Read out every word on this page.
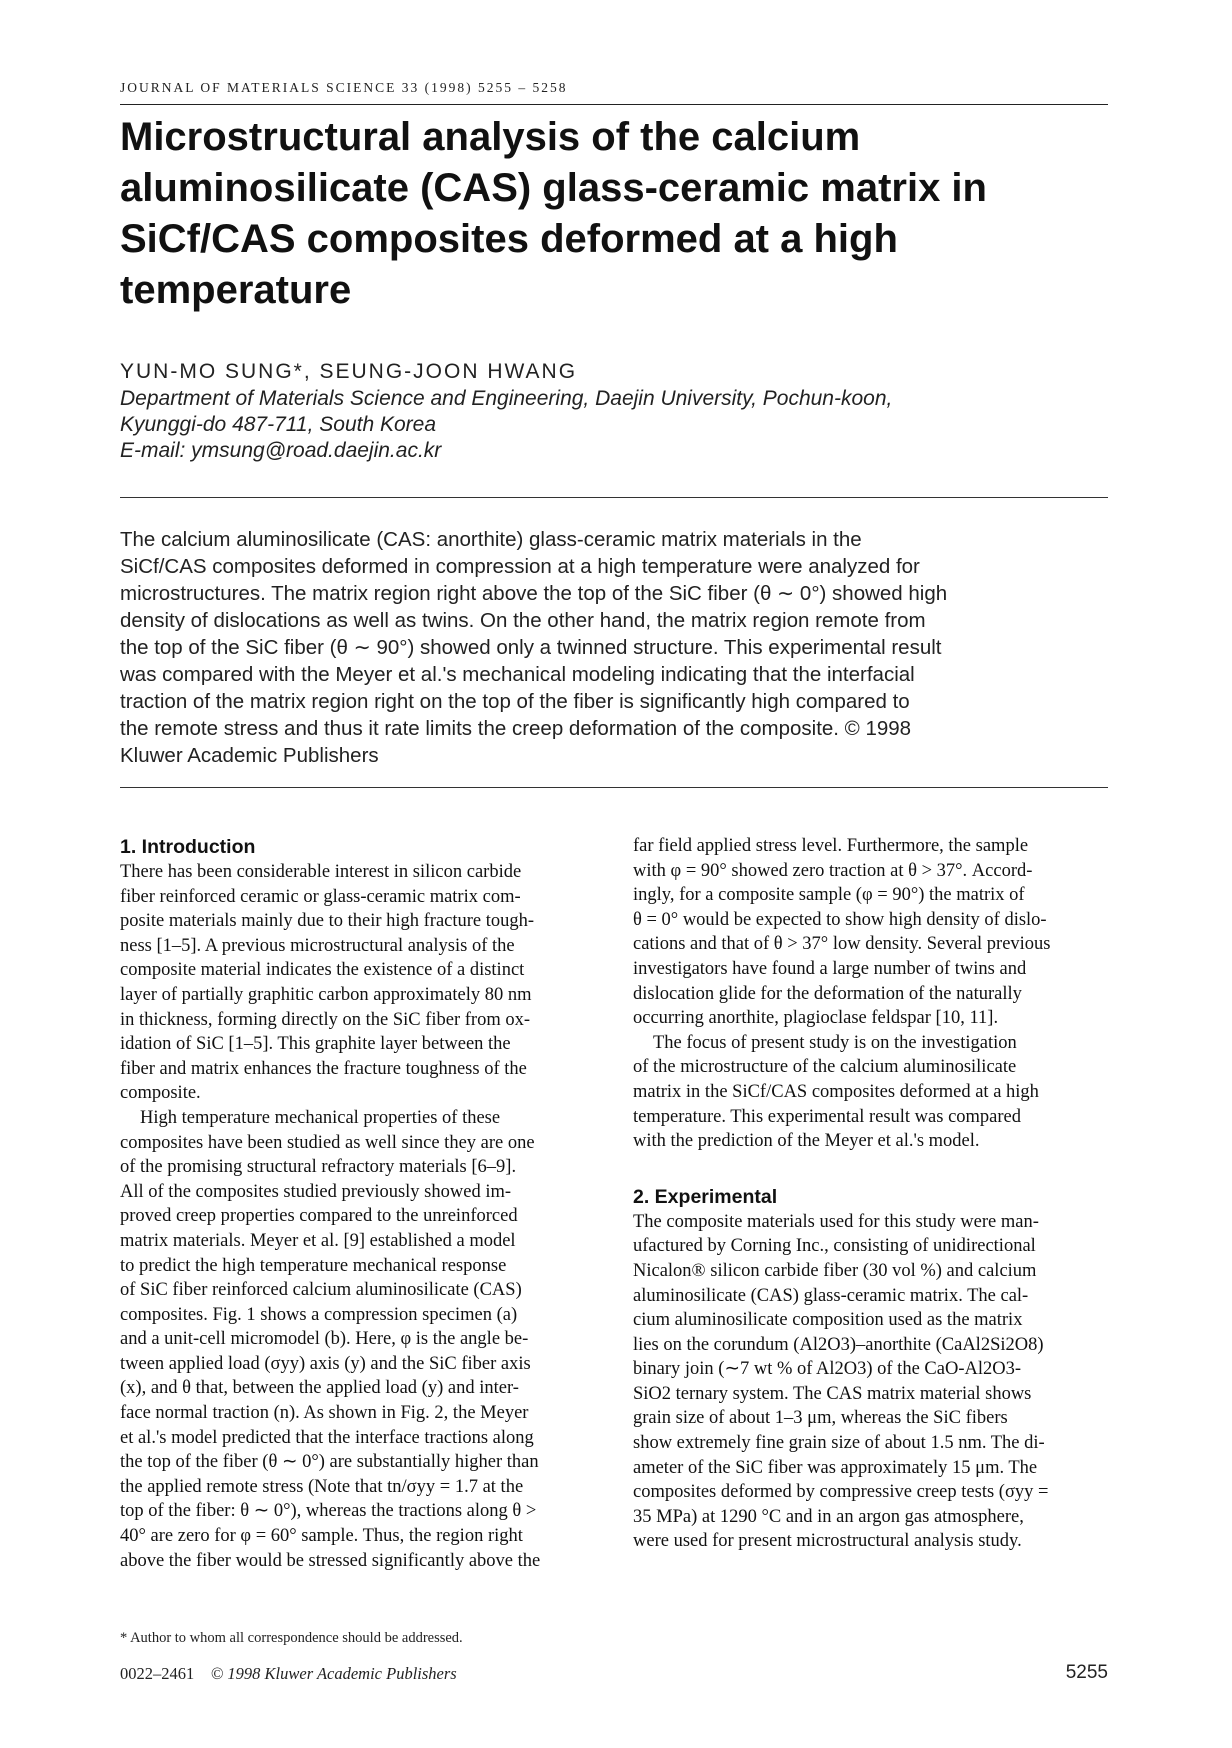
JOURNAL OF MATERIALS SCIENCE 33 (1998) 5255 – 5258
Microstructural analysis of the calcium
aluminosilicate (CAS) glass-ceramic matrix in
SiCf/CAS composites deformed at a high
temperature
YUN-MO SUNG*, SEUNG-JOON HWANG
Department of Materials Science and Engineering, Daejin University, Pochun-koon,
Kyunggi-do 487-711, South Korea
E-mail: ymsung@road.daejin.ac.kr
The calcium aluminosilicate (CAS: anorthite) glass-ceramic matrix materials in the
SiCf/CAS composites deformed in compression at a high temperature were analyzed for
microstructures. The matrix region right above the top of the SiC fiber (θ ∼ 0°) showed high
density of dislocations as well as twins. On the other hand, the matrix region remote from
the top of the SiC fiber (θ ∼ 90°) showed only a twinned structure. This experimental result
was compared with the Meyer et al.'s mechanical modeling indicating that the interfacial
traction of the matrix region right on the top of the fiber is significantly high compared to
the remote stress and thus it rate limits the creep deformation of the composite. © 1998
Kluwer Academic Publishers
1. Introduction
There has been considerable interest in silicon carbide
fiber reinforced ceramic or glass-ceramic matrix com-
posite materials mainly due to their high fracture tough-
ness [1–5]. A previous microstructural analysis of the
composite material indicates the existence of a distinct
layer of partially graphitic carbon approximately 80 nm
in thickness, forming directly on the SiC fiber from ox-
idation of SiC [1–5]. This graphite layer between the
fiber and matrix enhances the fracture toughness of the
composite.
High temperature mechanical properties of these
composites have been studied as well since they are one
of the promising structural refractory materials [6–9].
All of the composites studied previously showed im-
proved creep properties compared to the unreinforced
matrix materials. Meyer et al. [9] established a model
to predict the high temperature mechanical response
of SiC fiber reinforced calcium aluminosilicate (CAS)
composites. Fig. 1 shows a compression specimen (a)
and a unit-cell micromodel (b). Here, φ is the angle be-
tween applied load (σyy) axis (y) and the SiC fiber axis
(x), and θ that, between the applied load (y) and inter-
face normal traction (n). As shown in Fig. 2, the Meyer
et al.'s model predicted that the interface tractions along
the top of the fiber (θ ∼ 0°) are substantially higher than
the applied remote stress (Note that tn/σyy = 1.7 at the
top of the fiber: θ ∼ 0°), whereas the tractions along θ >
40° are zero for φ = 60° sample. Thus, the region right
above the fiber would be stressed significantly above the
far field applied stress level. Furthermore, the sample
with φ = 90° showed zero traction at θ > 37°. Accord-
ingly, for a composite sample (φ = 90°) the matrix of
θ = 0° would be expected to show high density of dislo-
cations and that of θ > 37° low density. Several previous
investigators have found a large number of twins and
dislocation glide for the deformation of the naturally
occurring anorthite, plagioclase feldspar [10, 11].
The focus of present study is on the investigation
of the microstructure of the calcium aluminosilicate
matrix in the SiCf/CAS composites deformed at a high
temperature. This experimental result was compared
with the prediction of the Meyer et al.'s model.
2. Experimental
The composite materials used for this study were man-
ufactured by Corning Inc., consisting of unidirectional
Nicalon® silicon carbide fiber (30 vol %) and calcium
aluminosilicate (CAS) glass-ceramic matrix. The cal-
cium aluminosilicate composition used as the matrix
lies on the corundum (Al2O3)–anorthite (CaAl2Si2O8)
binary join (∼7 wt % of Al2O3) of the CaO-Al2O3-
SiO2 ternary system. The CAS matrix material shows
grain size of about 1–3 μm, whereas the SiC fibers
show extremely fine grain size of about 1.5 nm. The di-
ameter of the SiC fiber was approximately 15 μm. The
composites deformed by compressive creep tests (σyy =
35 MPa) at 1290 °C and in an argon gas atmosphere,
were used for present microstructural analysis study.
* Author to whom all correspondence should be addressed.
0022–2461 © 1998 Kluwer Academic Publishers	5255
